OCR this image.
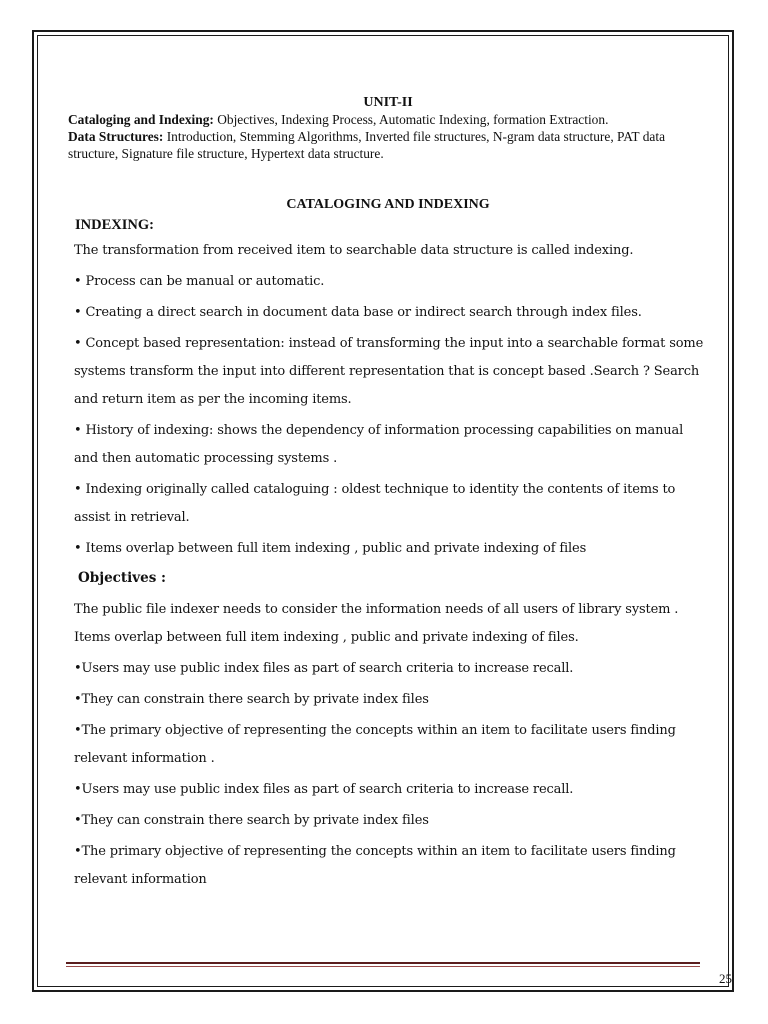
UNIT-II

Cataloging and Indexing: Objectives, Indexing Process, Automatic Indexing, formation Extraction.

Data Structures: Introduction, Stemming Algorithms, Inverted file structures, N-gram data structure, PAT data structure, Signature file structure, Hypertext data structure.

CATALOGING AND INDEXING

INDEXING:

The transformation from received item to searchable data structure is called indexing.

• Process can be manual or automatic.

• Creating a direct search in document data base or indirect search through index files.

• Concept based representation: instead of transforming the input into a searchable format some systems transform the input into different representation that is concept based .Search ? Search and return item as per the incoming items.

• History of indexing: shows the dependency of information processing capabilities on manual and then automatic processing systems .

• Indexing originally called cataloguing : oldest technique to identity the contents of items to assist in retrieval.

• Items overlap between full item indexing , public and private indexing of files

Objectives :

The public file indexer needs to consider the information needs of all users of library system . Items overlap between full item indexing , public and private indexing of files.

•Users may use public index files as part of search criteria to increase recall.

•They can constrain there search by private index files

•The primary objective of representing the concepts within an item to facilitate users finding relevant information .

•Users may use public index files as part of search criteria to increase recall.

•They can constrain there search by private index files

•The primary objective of representing the concepts within an item to facilitate users finding relevant information

25
